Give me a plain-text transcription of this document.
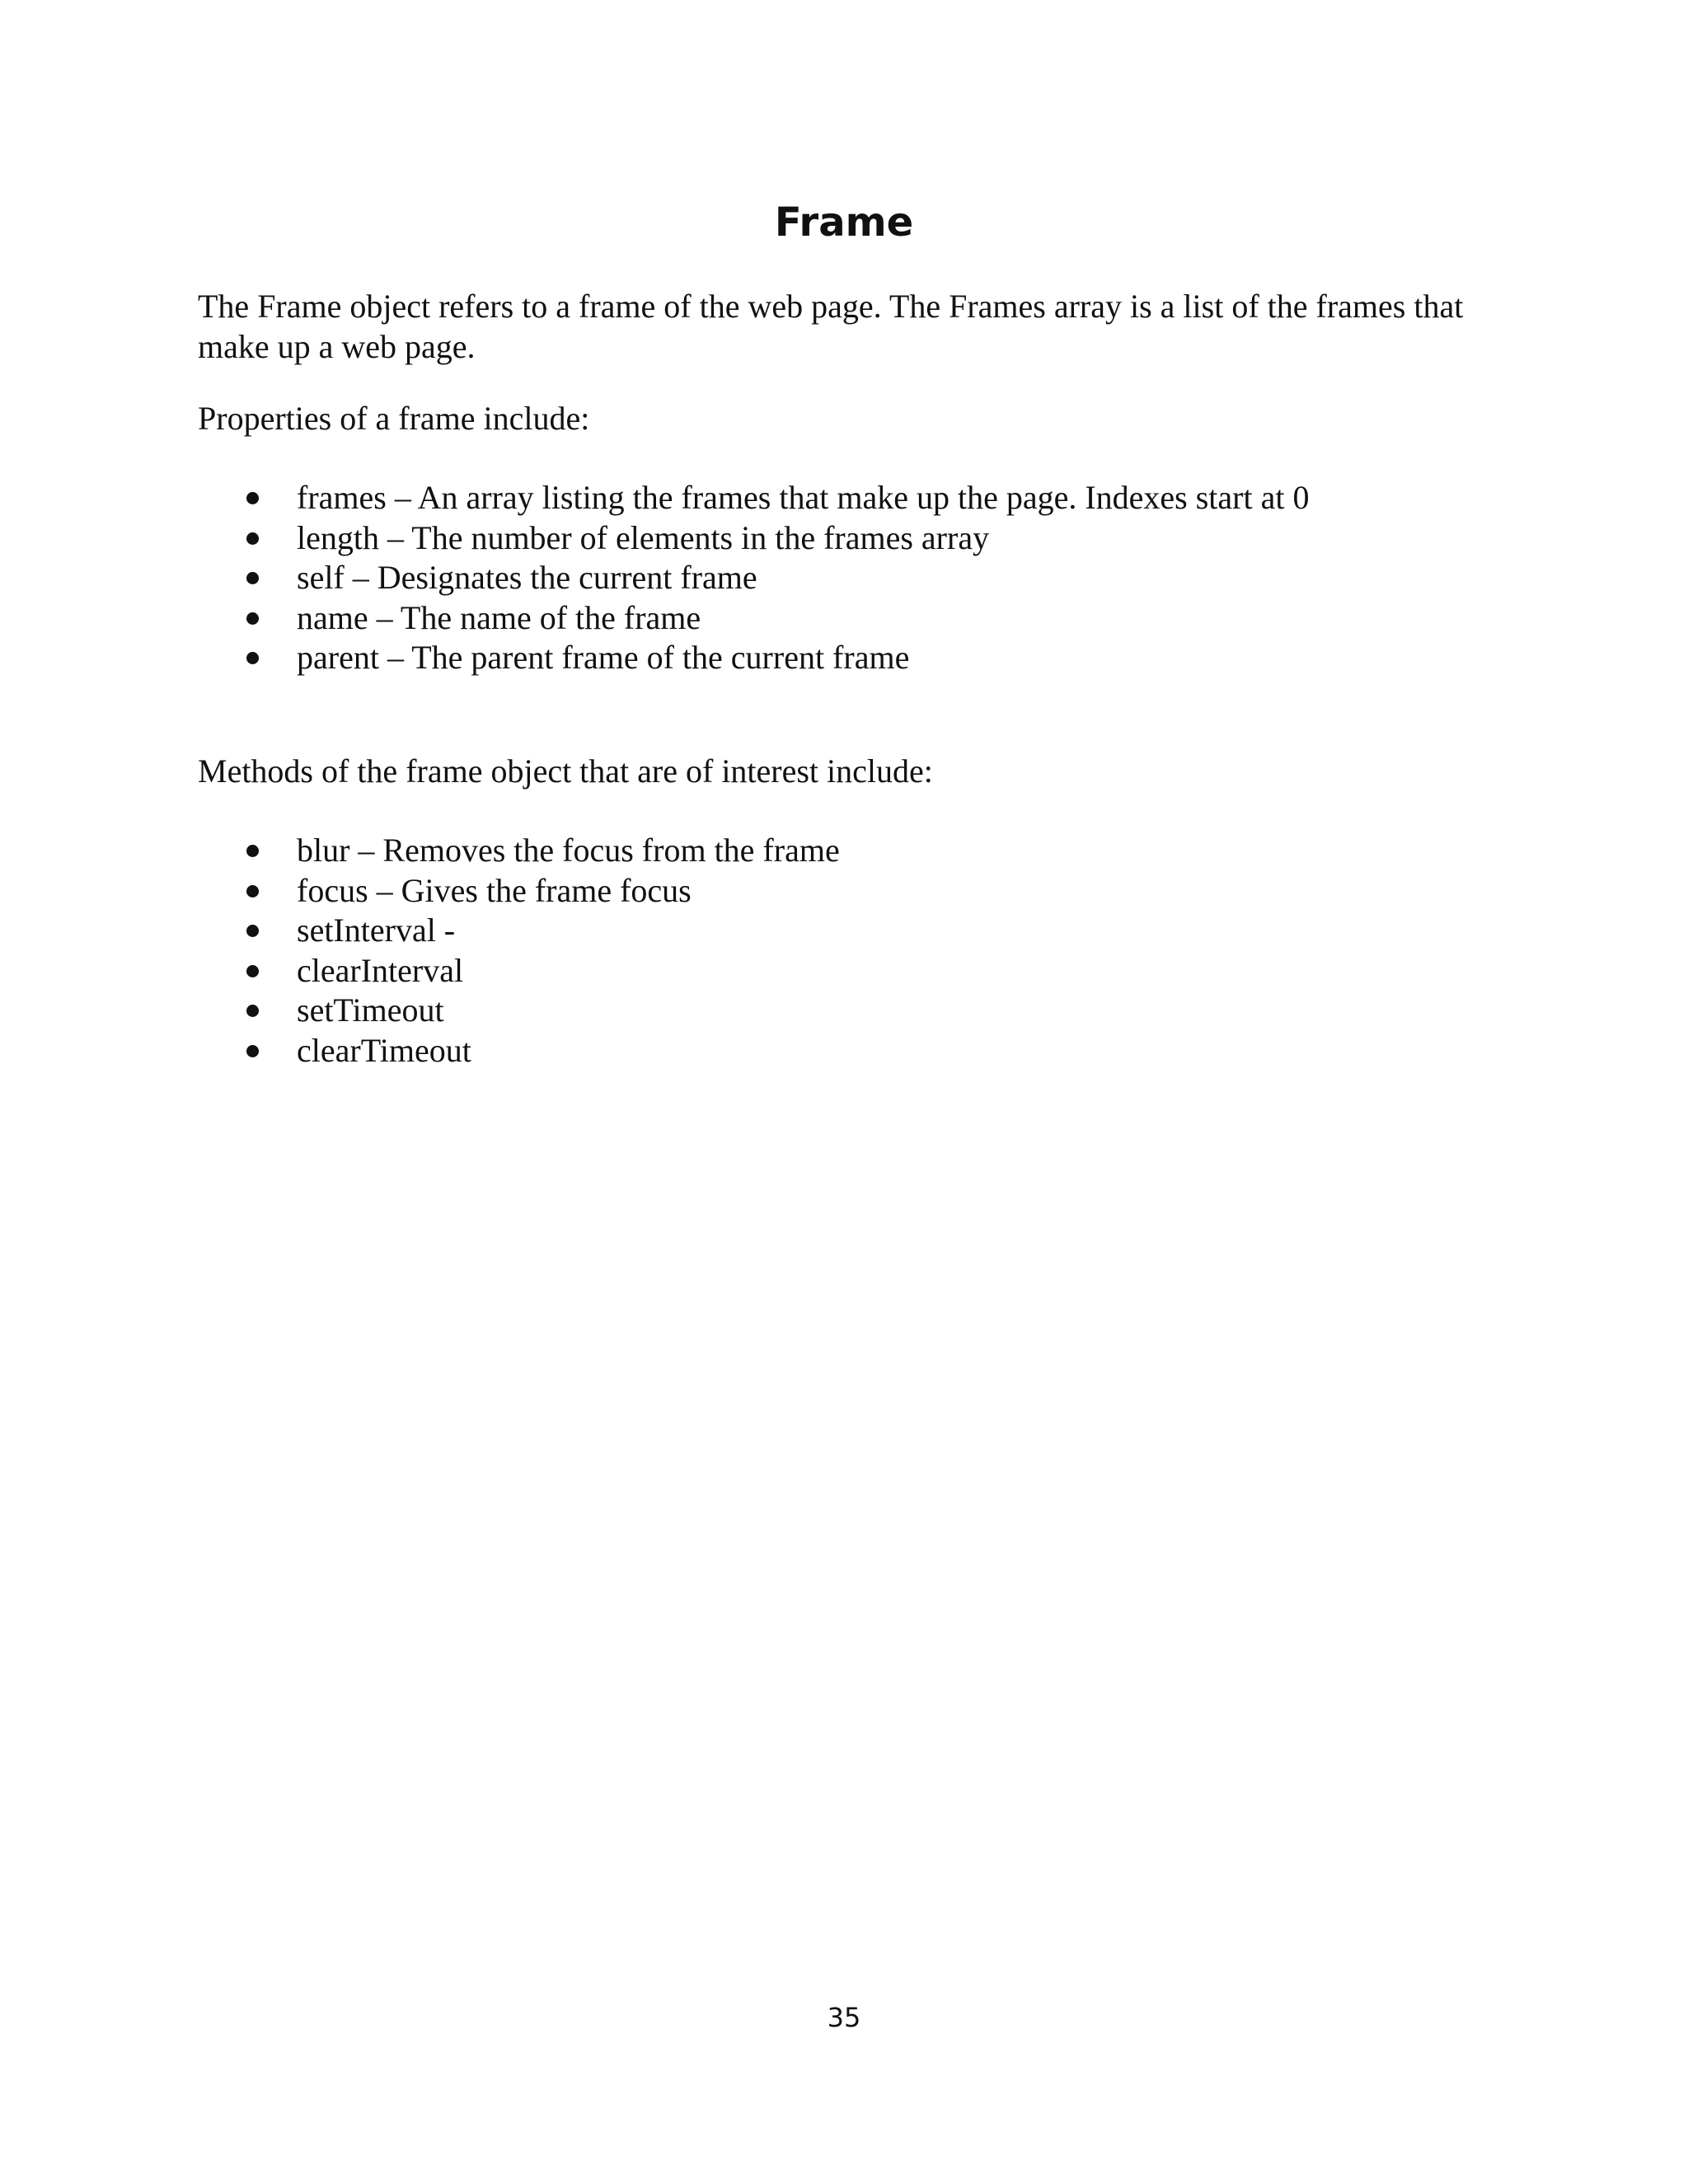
Frame

The Frame object refers to a frame of the web page. The Frames array is a list of the frames that make up a web page.

Properties of a frame include:

frames – An array listing the frames that make up the page. Indexes start at 0
length – The number of elements in the frames array
self – Designates the current frame
name – The name of the frame
parent – The parent frame of the current frame

Methods of the frame object that are of interest include:

blur – Removes the focus from the frame
focus – Gives the frame focus
setInterval -
clearInterval
setTimeout
clearTimeout

35
